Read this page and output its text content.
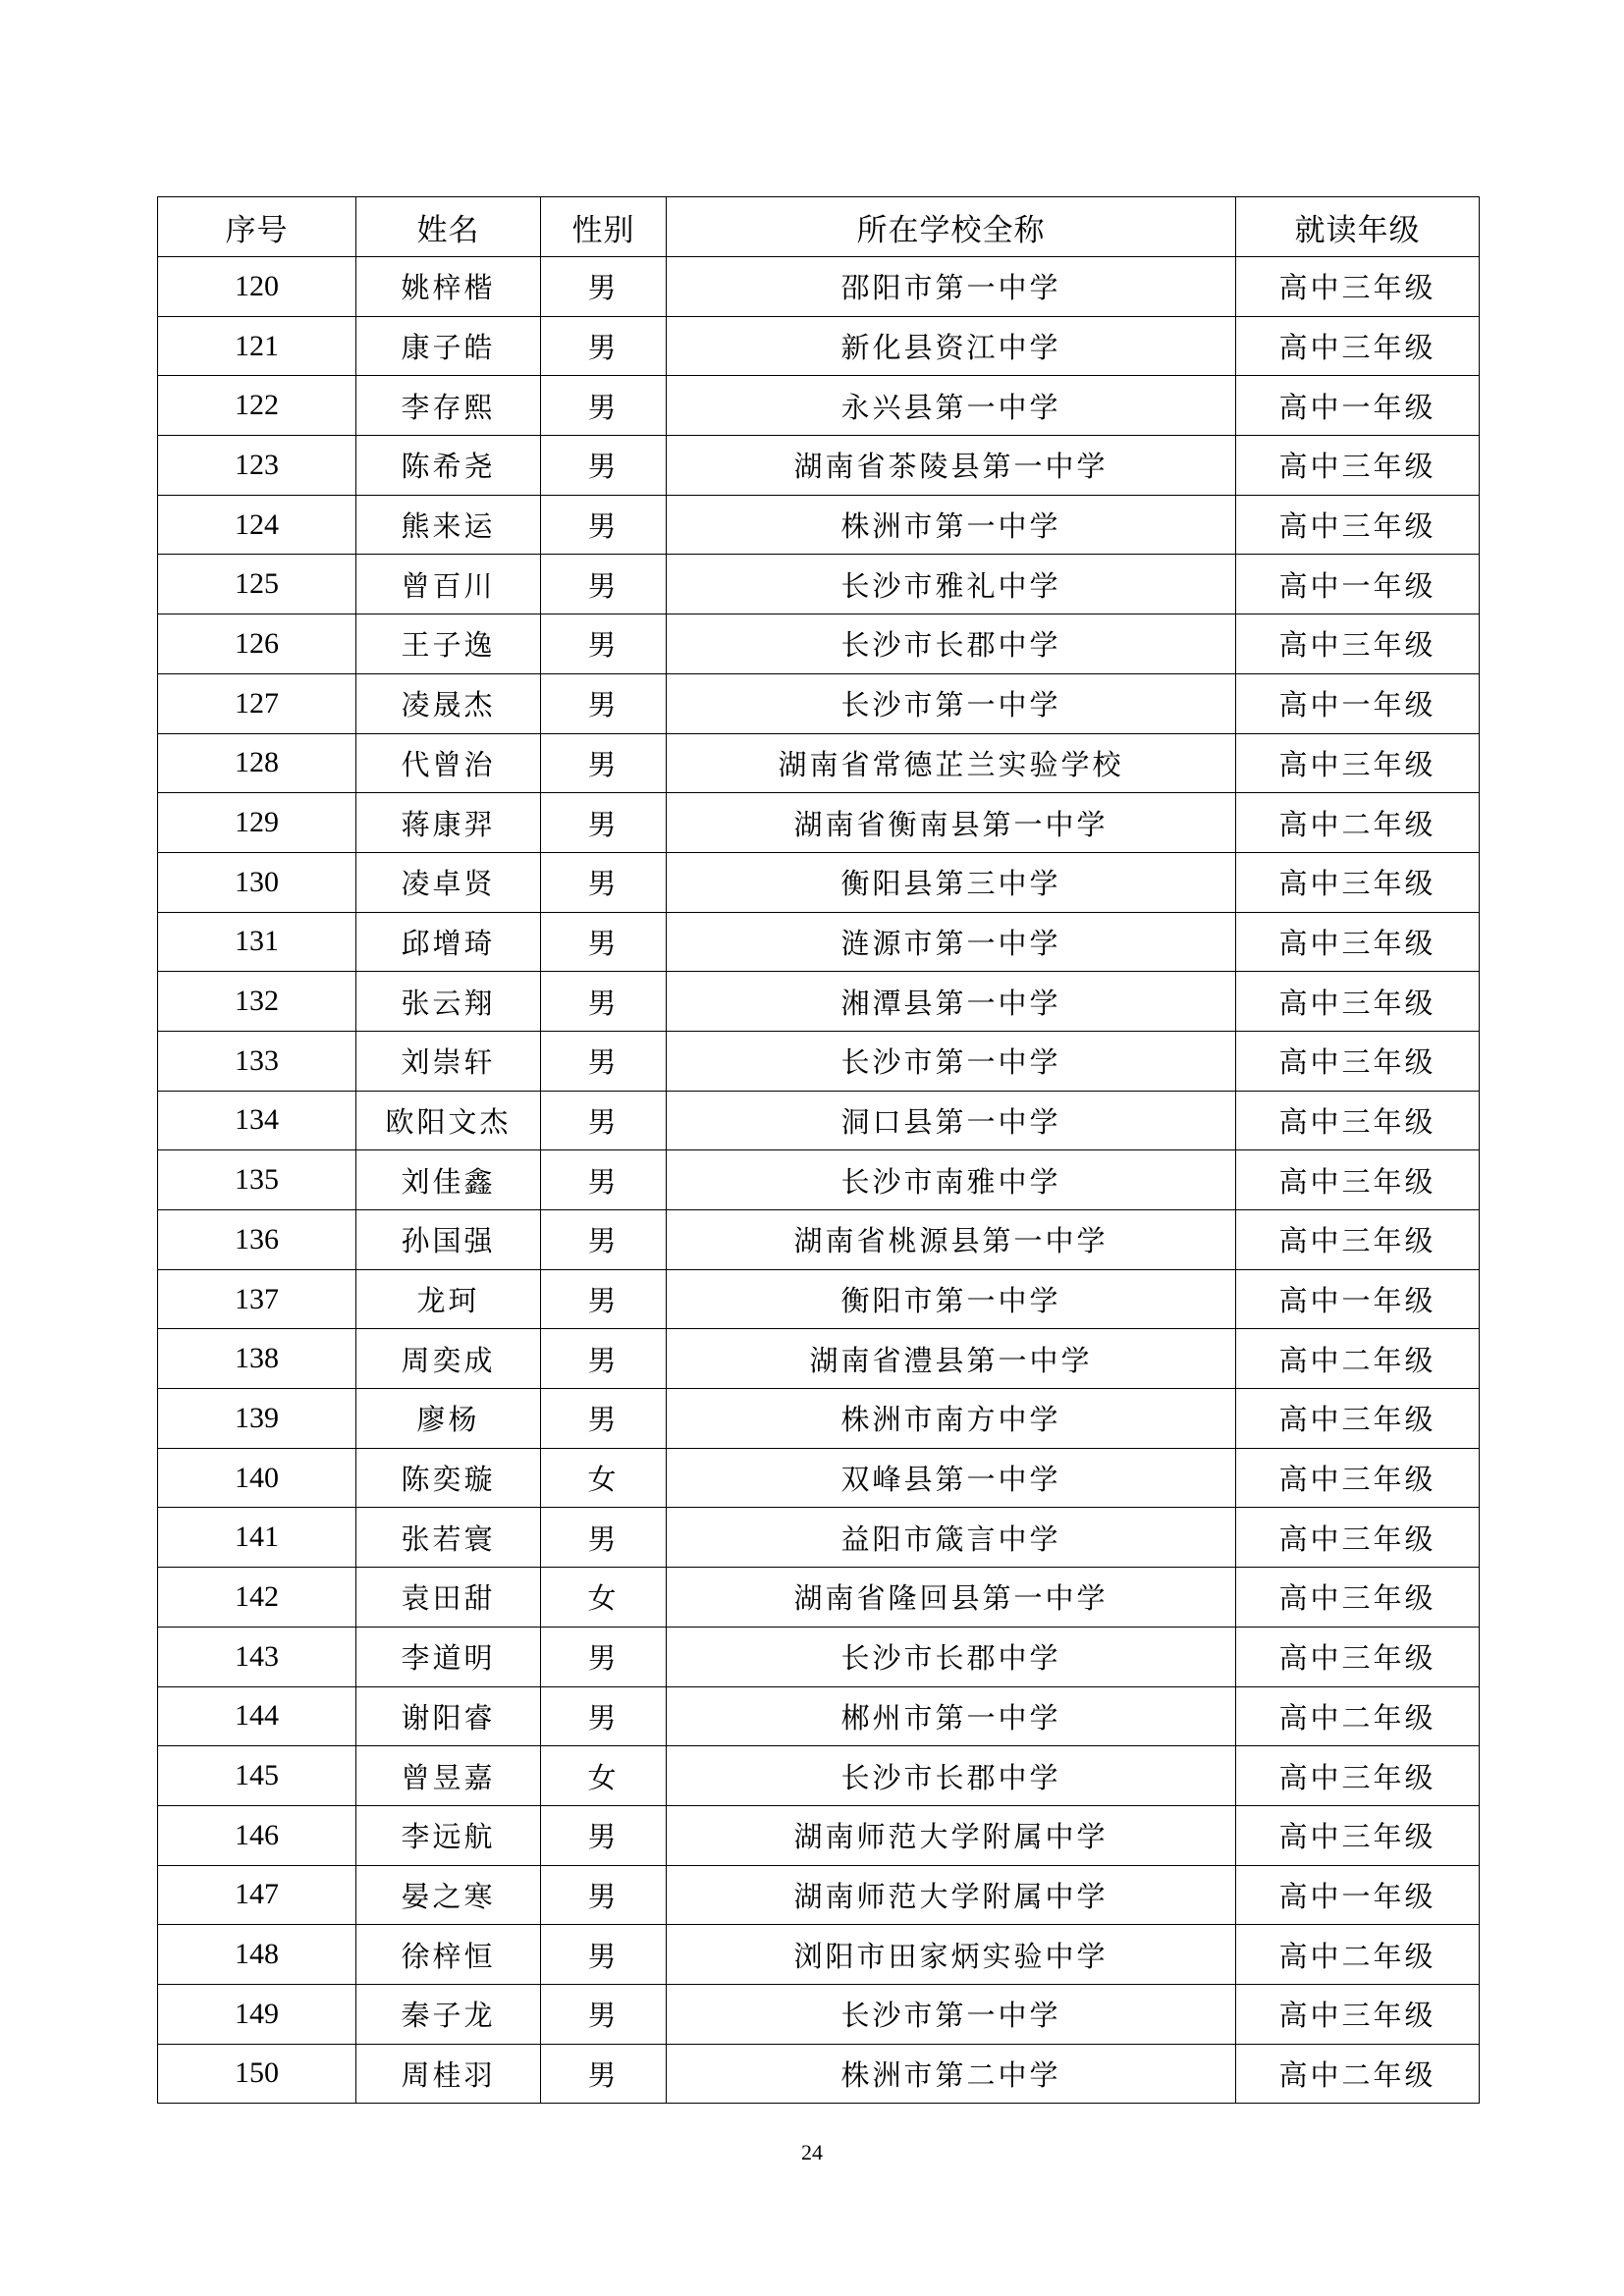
序号	姓名	性别	所在学校全称	就读年级
120	姚梓楷	男	邵阳市第一中学	高中三年级
121	康子皓	男	新化县资江中学	高中三年级
122	李存熙	男	永兴县第一中学	高中一年级
123	陈希尧	男	湖南省茶陵县第一中学	高中三年级
124	熊来运	男	株洲市第一中学	高中三年级
125	曾百川	男	长沙市雅礼中学	高中一年级
126	王子逸	男	长沙市长郡中学	高中三年级
127	凌晟杰	男	长沙市第一中学	高中一年级
128	代曾治	男	湖南省常德芷兰实验学校	高中三年级
129	蒋康羿	男	湖南省衡南县第一中学	高中二年级
130	凌卓贤	男	衡阳县第三中学	高中三年级
131	邱增琦	男	涟源市第一中学	高中三年级
132	张云翔	男	湘潭县第一中学	高中三年级
133	刘崇轩	男	长沙市第一中学	高中三年级
134	欧阳文杰	男	洞口县第一中学	高中三年级
135	刘佳鑫	男	长沙市南雅中学	高中三年级
136	孙国强	男	湖南省桃源县第一中学	高中三年级
137	龙珂	男	衡阳市第一中学	高中一年级
138	周奕成	男	湖南省澧县第一中学	高中二年级
139	廖杨	男	株洲市南方中学	高中三年级
140	陈奕璇	女	双峰县第一中学	高中三年级
141	张若寰	男	益阳市箴言中学	高中三年级
142	袁田甜	女	湖南省隆回县第一中学	高中三年级
143	李道明	男	长沙市长郡中学	高中三年级
144	谢阳睿	男	郴州市第一中学	高中二年级
145	曾昱嘉	女	长沙市长郡中学	高中三年级
146	李远航	男	湖南师范大学附属中学	高中三年级
147	晏之寒	男	湖南师范大学附属中学	高中一年级
148	徐梓恒	男	浏阳市田家炳实验中学	高中二年级
149	秦子龙	男	长沙市第一中学	高中三年级
150	周桂羽	男	株洲市第二中学	高中二年级
24
